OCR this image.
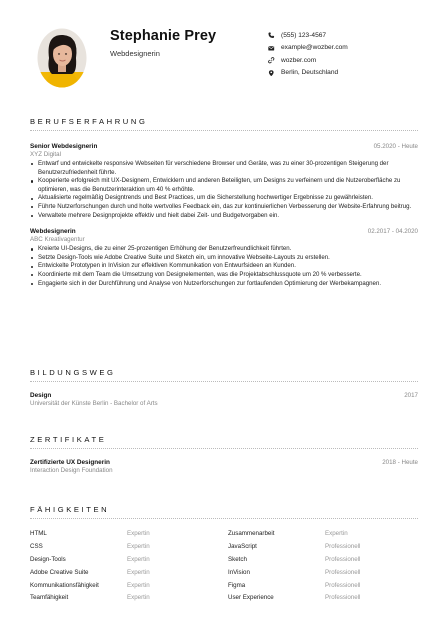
Stephanie Prey
Webdesignerin
(555) 123-4567
example@wozber.com
wozber.com
Berlin, Deutschland
BERUFSERFAHRUNG
Senior Webdesignerin	05.2020 - Heute
XYZ Digital
Entwarf und entwickelte responsive Webseiten für verschiedene Browser und Geräte, was zu einer 30-prozentigen Steigerung der Benutzerzufriedenheit führte.
Kooperierte erfolgreich mit UX-Designern, Entwicklern und anderen Beteiligten, um Designs zu verfeinern und die Nutzeroberfläche zu optimieren, was die Benutzerinteraktion um 40 % erhöhte.
Aktualisierte regelmäßig Designtrends und Best Practices, um die Sicherstellung hochwertiger Ergebnisse zu gewährleisten.
Führte Nutzerforschungen durch und holte wertvolles Feedback ein, das zur kontinuierlichen Verbesserung der Website-Erfahrung beitrug.
Verwaltete mehrere Designprojekte effektiv und hielt dabei Zeit- und Budgetvorgaben ein.
Webdesignerin	02.2017 - 04.2020
ABC Kreativagentur
Kreierte UI-Designs, die zu einer 25-prozentigen Erhöhung der Benutzerfreundlichkeit führten.
Setzte Design-Tools wie Adobe Creative Suite und Sketch ein, um innovative Webseite-Layouts zu erstellen.
Entwickelte Prototypen in InVision zur effektiven Kommunikation von Entwurfsideen an Kunden.
Koordinierte mit dem Team die Umsetzung von Designelementen, was die Projektabschlussquote um 20 % verbesserte.
Engagierte sich in der Durchführung und Analyse von Nutzerforschungen zur fortlaufenden Optimierung der Werbekampagnen.
BILDUNGSWEG
Design	2017
Universität der Künste Berlin - Bachelor of Arts
ZERTIFIKATE
Zertifizierte UX Designerin	2018 - Heute
Interaction Design Foundation
FÄHIGKEITEN
HTML	Expertin	Zusammenarbeit	Expertin
CSS	Expertin	JavaScript	Professionell
Design-Tools	Expertin	Sketch	Professionell
Adobe Creative Suite	Expertin	InVision	Professionell
Kommunikationsfähigkeit	Expertin	Figma	Professionell
Teamfähigkeit	Expertin	User Experience	Professionell
